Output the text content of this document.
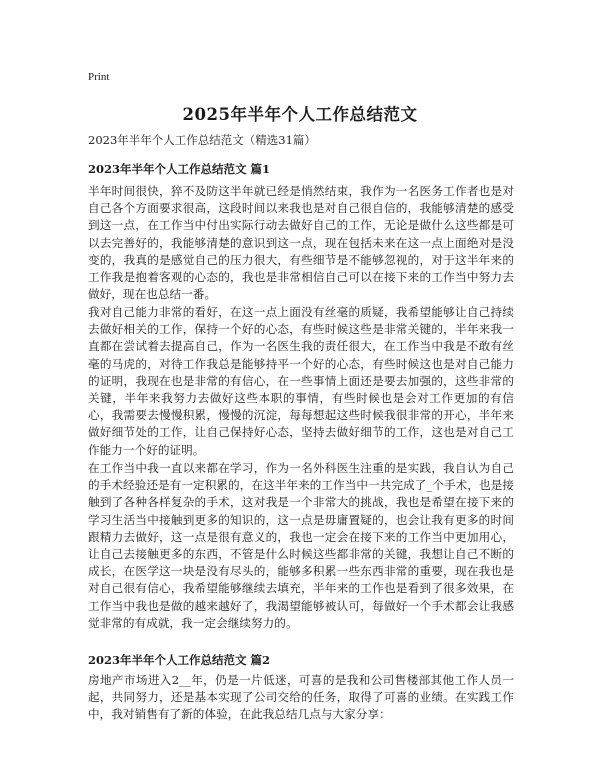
Print
2025年半年个人工作总结范文
2023年半年个人工作总结范文（精选31篇）
2023年半年个人工作总结范文 篇1
半年时间很快，猝不及防这半年就已经是悄然结束，我作为一名医务工作者也是对自己各个方面要求很高，这段时间以来我也是对自己很自信的，我能够清楚的感受到这一点，在工作当中付出实际行动去做好自己的工作，无论是做什么这些都是可以去完善好的，我能够清楚的意识到这一点，现在包括未来在这一点上面绝对是没变的，我真的是感觉自己的压力很大，有些细节是不能够忽视的，对于这半年来的工作我是抱着客观的心态的，我也是非常相信自己可以在接下来的工作当中努力去做好，现在也总结一番。
我对自己能力非常的看好，在这一点上面没有丝毫的质疑，我希望能够让自己持续去做好相关的工作，保持一个好的心态，有些时候这些是非常关键的，半年来我一直都在尝试着去提高自己，作为一名医生我的责任很大，在工作当中我是不敢有丝毫的马虎的，对待工作我总是能够持平一个好的心态，有些时候这也是对自己能力的证明，我现在也是非常的有信心，在一些事情上面还是要去加强的，这些非常的关键，半年来我努力去做好这些本职的事情，有些时候也是会对工作更加的有信心，我需要去慢慢积累，慢慢的沉淀，每每想起这些时候我很非常的开心，半年来做好细节处的工作，让自己保持好心态，坚持去做好细节的工作，这也是对自己工作能力一个好的证明。
在工作当中我一直以来都在学习，作为一名外科医生注重的是实践，我自认为自己的手术经验还是有一定积累的，在这半年来的工作当中一共完成了_个手术，也是接触到了各种各样复杂的手术，这对我是一个非常大的挑战，我也是希望在接下来的学习生活当中接触到更多的知识的，这一点是毋庸置疑的，也会让我有更多的时间跟精力去做好，这一点是很有意义的，我也一定会在接下来的工作当中更加用心，让自己去接触更多的东西，不管是什么时候这些都非常的关键，我想让自己不断的成长，在医学这一块是没有尽头的，能够多积累一些东西非常的重要，现在我也是对自己很有信心，我希望能够继续去填充，半年来的工作也是看到了很多效果，在工作当中我也是做的越来越好了，我渴望能够被认可，每做好一个手术都会让我感觉非常的有成就，我一定会继续努力的。
2023年半年个人工作总结范文 篇2
房地产市场进入2__年，仍是一片低迷，可喜的是我和公司售楼部其他工作人员一起，共同努力，还是基本实现了公司交给的任务，取得了可喜的业绩。在实践工作中，我对销售有了新的体验，在此我总结几点与大家分享：
